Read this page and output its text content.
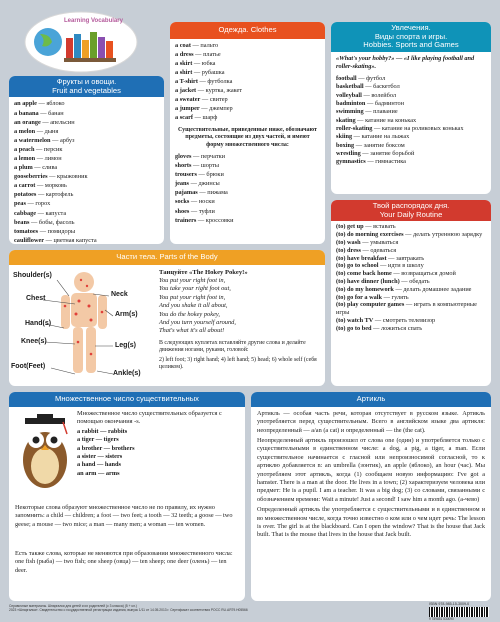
Learning Vocabulary
Фрукты и овощи.
Fruit and vegetables
an apple — яблоко
a banana — банан
an orange — апельсин
a melon — дыня
a watermelon — арбуз
a peach — персик
a lemon — лимон
a plum — слива
gooseberries — крыжовник
a carrot — морковь
potatoes — картофель
peas — горох
cabbage — капуста
beans — бобы, фасоль
tomatoes — помидоры
cauliflower — цветная капуста
Одежда. Clothes
a coat — пальто
a dress — платье
a skirt — юбка
a shirt — рубашка
a T-shirt — футболка
a jacket — куртка, жакет
a sweater — свитер
a jumper — джемпер
a scarf — шарф
Существительные, приведенные ниже, обозначают предметы, состоящие из двух частей, и имеют форму множественного числа:
gloves — перчатки
shorts — шорты
trousers — брюки
jeans — джинсы
pajamas — пижама
socks — носки
shoes — туфли
trainers — кроссовки
Увлечения.
Виды спорта и игры.
Hobbies. Sports and Games
«What's your hobby?» — «I like playing football and roller-skating».
football — футбол
basketball — баскетбол
volleyball — волейбол
badminton — бадминтон
swimming — плавание
skating — катание на коньках
roller-skating — катание на роликовых коньках
skiing — катание на лыжах
boxing — занятие боксом
wrestling — занятие борьбой
gymnastics — гимнастика
Твой распорядок дня.
Your Daily Routine
(to) get up — вставать
(to) do morning exercises — делать утреннюю зарядку
(to) wash — умываться
(to) dress — одеваться
(to) have breakfast — завтракать
(to) go to school — идти в школу
(to) come back home — возвращаться домой
(to) have dinner (lunch) — обедать
(to) do my homework — делать домашнее задание
(to) go for a walk — гулять
(to) play computer games — играть в компьютерные игры
(to) watch TV — смотреть телевизор
(to) go to bed — ложиться спать
Части тела. Parts of the Body
Shoulder(s)
Neck
Chest
Arm(s)
Hand(s)
Knee(s)
Leg(s)
Foot(Feet)
Ankle(s)
Танцуйте «The Hokey Pokey!»
You put your right foot in,
You take your right foot out,
You put your right foot in,
And you shake it all about,
You do the hokey pokey,
And you turn yourself around,
That's what it's all about!
В следующих куплетах вставляйте другие слова и делайте движения ногами, руками, головой:
2) left foot; 3) right hand; 4) left hand; 5) head; 6) whole self (себя целиком).
Множественное число существительных
Множественное число существительных образуется с помощью окончания -s.
a rabbit — rabbits
a tiger — tigers
a brother — brothers
a sister — sisters
a hand — hands
an arm — arms
Некоторые слова образуют множественное число не по правилу, их нужно запомнить: a child — children; a foot — two feet; a tooth — 32 teeth; a goose — two geese; a mouse — two mice; a man — many men; a woman — ten women.
Есть также слова, которые не меняются при образовании множественного числа: one fish (рыба) — two fish; one sheep (овца) — ten sheep; one deer (олень) — ten deer.
Артикль
Артикль — особая часть речи, которая отсутствует в русском языке. Артикль употребляется перед существительным. Всего в английском языке два артикля: неопределенный — a/an (a cat) и определенный — the (the cat).
Неопределенный артикль произошел от слова one (один) и употребляется только с существительными в единственном числе: a dog, a pig, a tiger, a man. Если существительное начинается с гласной или непроизносимой согласной, то к артиклю добавляется n: an umbrella (зонтик), an apple (яблоко), an hour (час). Мы употребляем этот артикль, когда (1) сообщаем новую информацию: I've got a hamster. There is a man at the door. He lives in a town; (2) характеризуем человека или предмет: He is a pupil. I am a teacher. It was a big dog; (3) со словами, связанными с обозначением времени: Wait a minute! Just a second! I saw him a month ago. (а-чево)
Определенный артикль the употребляется с существительными и в единственном и во множественном числе, когда точно известно о ком или о чем идет речь: The lesson is over. The girl is at the blackboard. Can I open the window? That is the house that Jack built. That is the mouse that lives in the house that Jack built.
Справочные материалы. Шпаргалки для детей и их родителей (с 3 класса) (5 + кл.)
2023 «Шпаргалка». Свидетельство о государственной регистрации издания, выпуск 1/11 от 14.05.2013 г. Сертификат соответствия РОСС RU.АЯ79.Н05566
ISBN 978-985-15-3009-0
9 789851 530090
